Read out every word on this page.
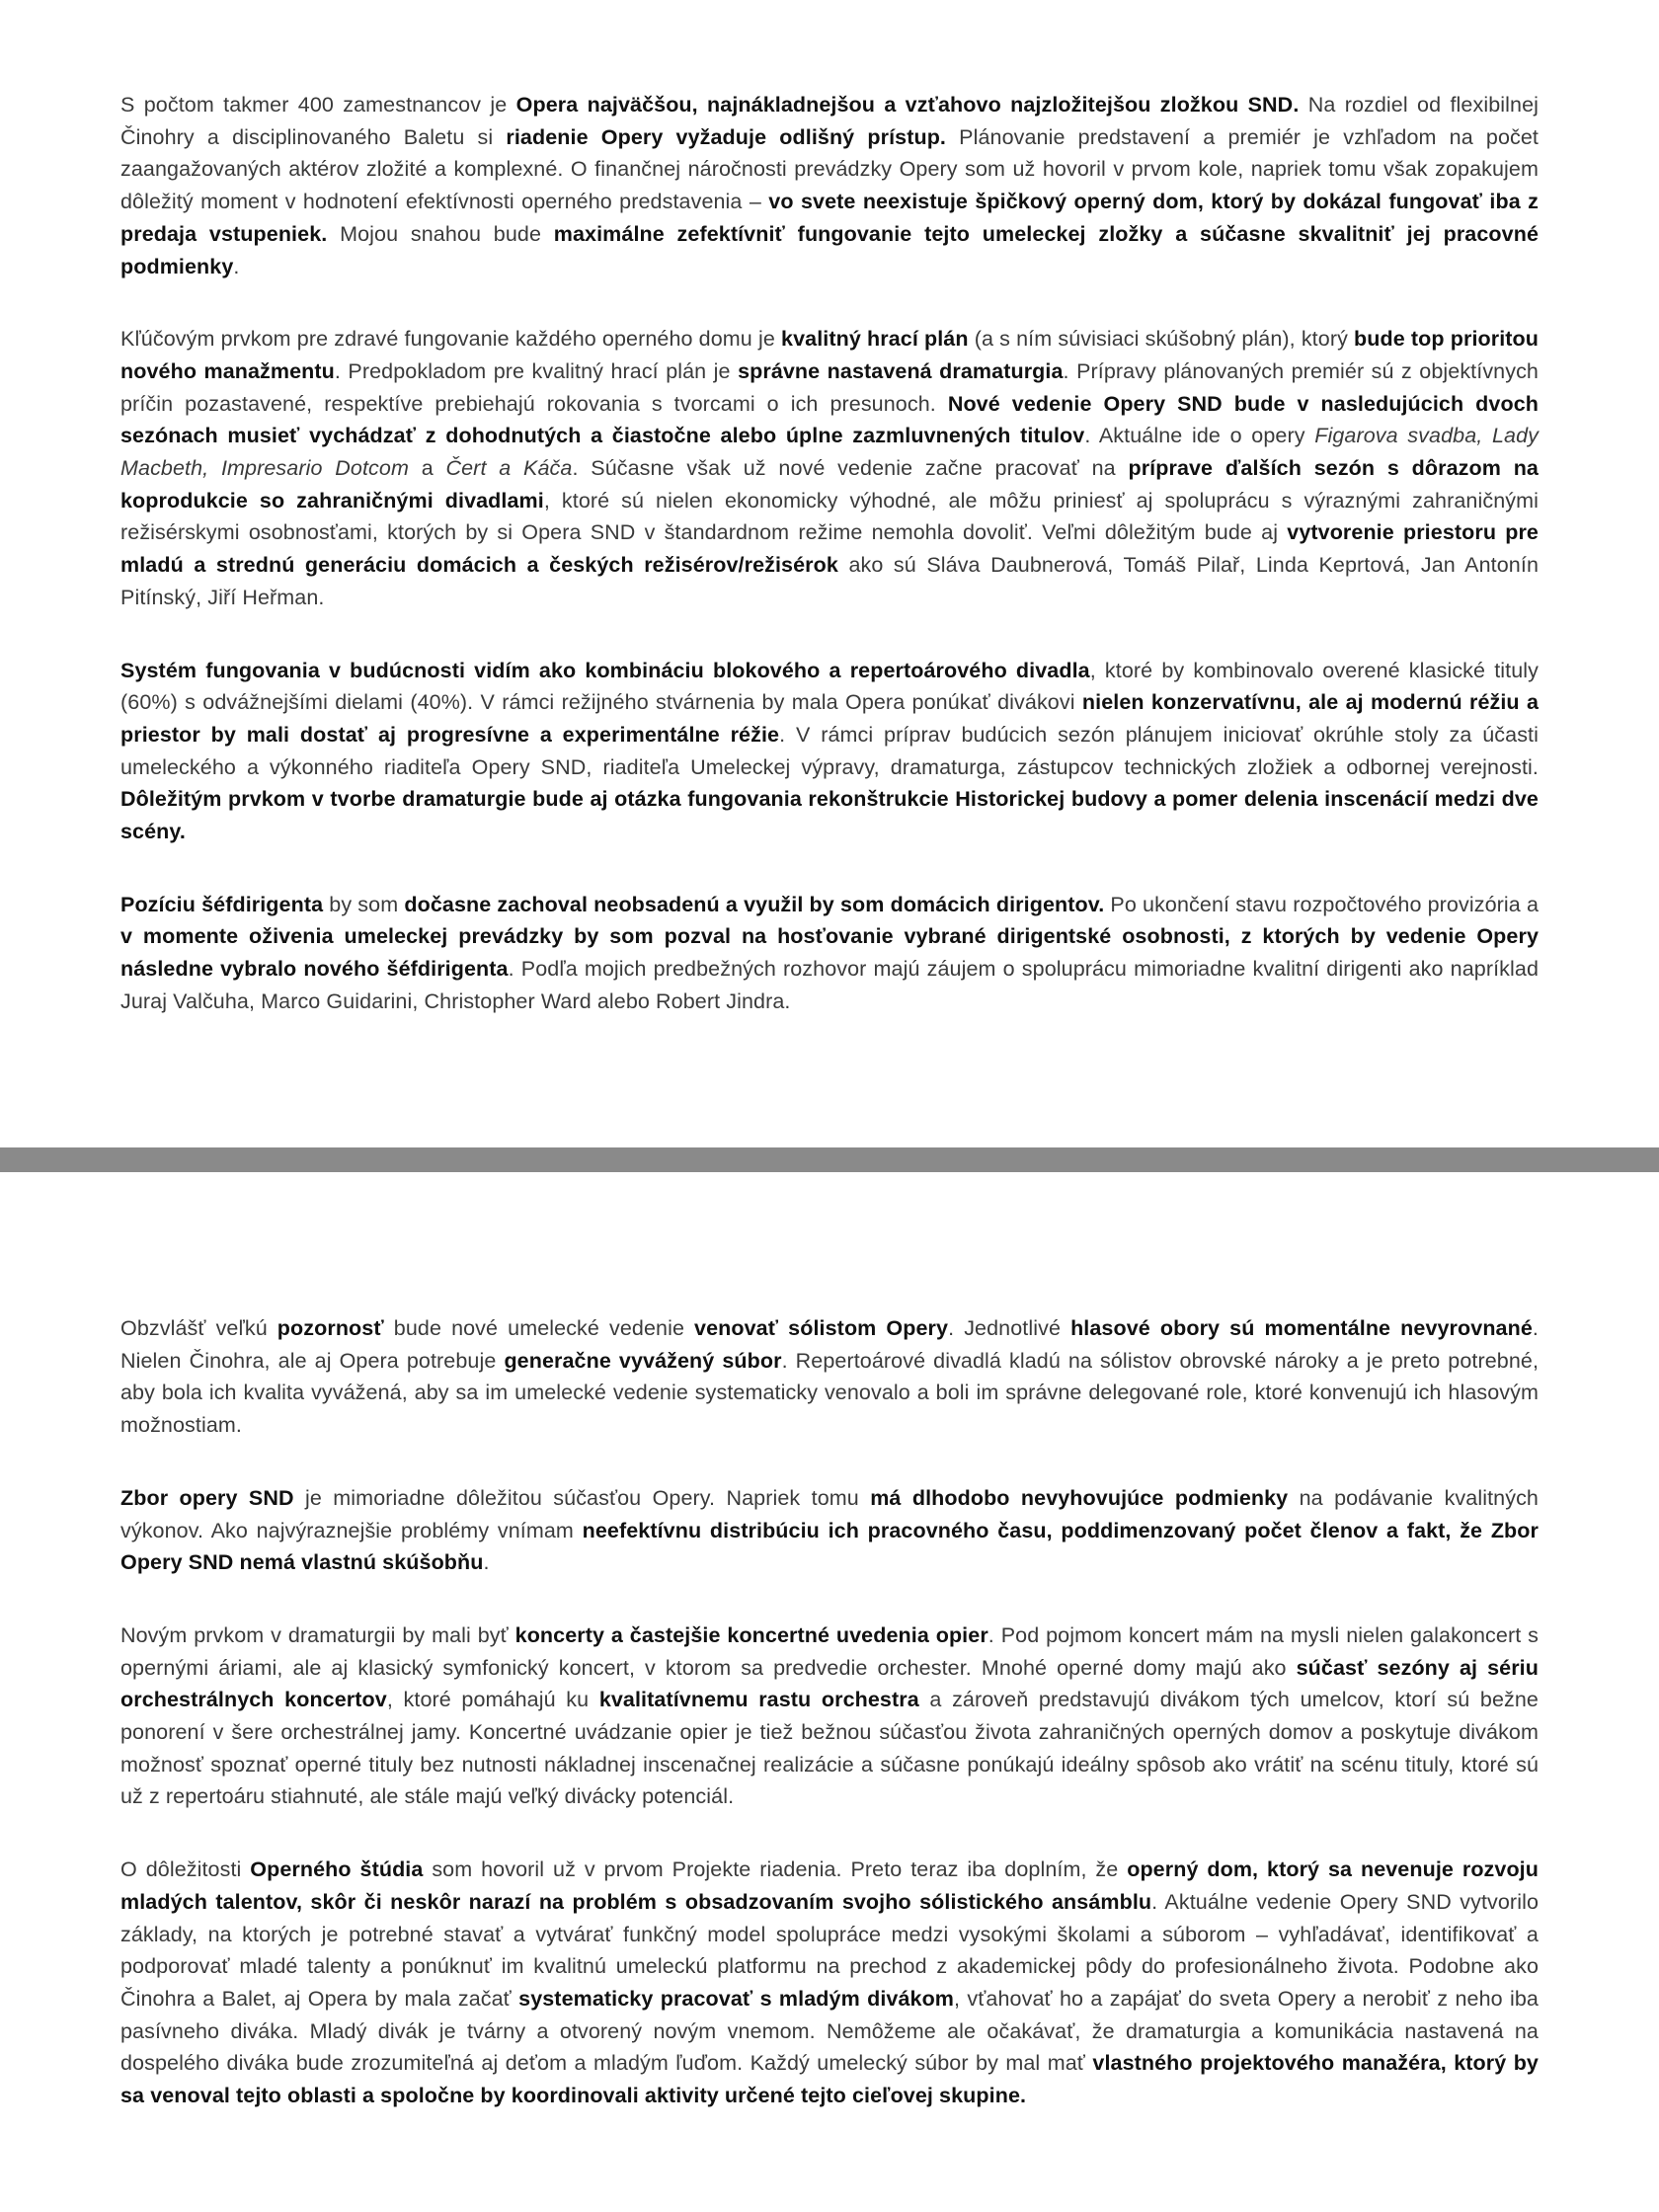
S počtom takmer 400 zamestnancov je Opera najväčšou, najnákladnejšou a vzťahovo najzložitejšou zložkou SND. Na rozdiel od flexibilnej Činohry a disciplinovaného Baletu si riadenie Opery vyžaduje odlišný prístup. Plánovanie predstavení a premiér je vzhľadom na počet zaangažovaných aktérov zložité a komplexné. O finančnej náročnosti prevádzky Opery som už hovoril v prvom kole, napriek tomu však zopakujem dôležitý moment v hodnotení efektívnosti operného predstavenia – vo svete neexistuje špičkový operný dom, ktorý by dokázal fungovať iba z predaja vstupeniek. Mojou snahou bude maximálne zefektívniť fungovanie tejto umeleckej zložky a súčasne skvalitniť jej pracovné podmienky.

Kľúčovým prvkom pre zdravé fungovanie každého operného domu je kvalitný hrací plán (a s ním súvisiaci skúšobný plán), ktorý bude top prioritou nového manažmentu. Predpokladom pre kvalitný hrací plán je správne nastavená dramaturgia. Prípravy plánovaných premiér sú z objektívnych príčin pozastavené, respektíve prebiehajú rokovania s tvorcami o ich presunoch. Nové vedenie Opery SND bude v nasledujúcich dvoch sezónach musieť vychádzať z dohodnutých a čiastočne alebo úplne zazmluvnených titulov. Aktuálne ide o opery Figarova svadba, Lady Macbeth, Impresario Dotcom a Čert a Káča. Súčasne však už nové vedenie začne pracovať na príprave ďalších sezón s dôrazom na koprodukcie so zahraničnými divadlami, ktoré sú nielen ekonomicky výhodné, ale môžu priniesť aj spoluprácu s výraznými zahraničnými režisérskymi osobnosťami, ktorých by si Opera SND v štandardnom režime nemohla dovoliť. Veľmi dôležitým bude aj vytvorenie priestoru pre mladú a strednú generáciu domácich a českých režisérov/režisérok ako sú Sláva Daubnerová, Tomáš Pilař, Linda Keprtová, Jan Antonín Pitínský, Jiří Heřman.

Systém fungovania v budúcnosti vidím ako kombináciu blokového a repertoárového divadla, ktoré by kombinovalo overené klasické tituly (60%) s odvážnejšími dielami (40%). V rámci režijného stvárnenia by mala Opera ponúkať divákovi nielen konzervatívnu, ale aj modernú réžiu a priestor by mali dostať aj progresívne a experimentálne réžie. V rámci príprav budúcich sezón plánujem iniciovať okrúhle stoly za účasti umeleckého a výkonného riaditeľa Opery SND, riaditeľa Umeleckej výpravy, dramaturga, zástupcov technických zložiek a odbornej verejnosti. Dôležitým prvkom v tvorbe dramaturgie bude aj otázka fungovania rekonštrukcie Historickej budovy a pomer delenia inscenácií medzi dve scény.

Pozíciu šéfdirigenta by som dočasne zachoval neobsadenú a využil by som domácich dirigentov. Po ukončení stavu rozpočtového provizória a v momente oživenia umeleckej prevádzky by som pozval na hosťovanie vybrané dirigentské osobnosti, z ktorých by vedenie Opery následne vybralo nového šéfdirigenta. Podľa mojich predbežných rozhovor majú záujem o spoluprácu mimoriadne kvalitní dirigenti ako napríklad Juraj Valčuha, Marco Guidarini, Christopher Ward alebo Robert Jindra.

Obzvlášť veľkú pozornosť bude nové umelecké vedenie venovať sólistom Opery. Jednotlivé hlasové obory sú momentálne nevyrovnané. Nielen Činohra, ale aj Opera potrebuje generačne vyvážený súbor. Repertoárové divadlá kladú na sólistov obrovské nároky a je preto potrebné, aby bola ich kvalita vyvážená, aby sa im umelecké vedenie systematicky venovalo a boli im správne delegované role, ktoré konvenujú ich hlasovým možnostiam.

Zbor opery SND je mimoriadne dôležitou súčasťou Opery. Napriek tomu má dlhodobo nevyhovujúce podmienky na podávanie kvalitných výkonov. Ako najvýraznejšie problémy vnímam neefektívnu distribúciu ich pracovného času, poddimenzovaný počet členov a fakt, že Zbor Opery SND nemá vlastnú skúšobňu.

Novým prvkom v dramaturgii by mali byť koncerty a častejšie koncertné uvedenia opier. Pod pojmom koncert mám na mysli nielen galakoncert s opernými áriami, ale aj klasický symfonický koncert, v ktorom sa predvedie orchester. Mnohé operné domy majú ako súčasť sezóny aj sériu orchestrálnych koncertov, ktoré pomáhajú ku kvalitatívnemu rastu orchestra a zároveň predstavujú divákom tých umelcov, ktorí sú bežne ponorení v šere orchestrálnej jamy. Koncertné uvádzanie opier je tiež bežnou súčasťou života zahraničných operných domov a poskytuje divákom možnosť spoznať operné tituly bez nutnosti nákladnej inscenačnej realizácie a súčasne ponúkajú ideálny spôsob ako vrátiť na scénu tituly, ktoré sú už z repertoáru stiahnuté, ale stále majú veľký divácky potenciál.

O dôležitosti Operného štúdia som hovoril už v prvom Projekte riadenia. Preto teraz iba doplním, že operný dom, ktorý sa nevenuje rozvoju mladých talentov, skôr či neskôr narazí na problém s obsadzovaním svojho sólistického ansámblu. Aktuálne vedenie Opery SND vytvorilo základy, na ktorých je potrebné stavať a vytvárať funkčný model spolupráce medzi vysokými školami a súborom – vyhľadávať, identifikovať a podporovať mladé talenty a ponúknuť im kvalitnú umeleckú platformu na prechod z akademickej pôdy do profesionálneho života. Podobne ako Činohra a Balet, aj Opera by mala začať systematicky pracovať s mladým divákom, vťahovať ho a zapájať do sveta Opery a nerobiť z neho iba pasívneho diváka. Mladý divák je tvárny a otvorený novým vnemom. Nemôžeme ale očakávať, že dramaturgia a komunikácia nastavená na dospelého diváka bude zrozumiteľná aj deťom a mladým ľuďom. Každý umelecký súbor by mal mať vlastného projektového manažéra, ktorý by sa venoval tejto oblasti a spoločne by koordinovali aktivity určené tejto cieľovej skupine.
